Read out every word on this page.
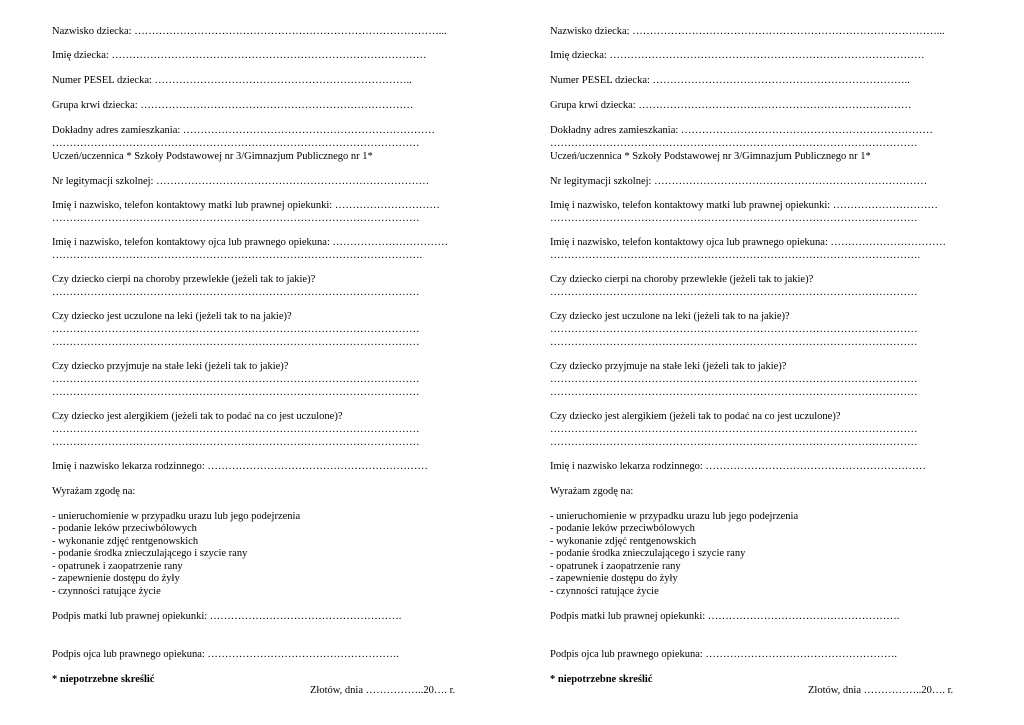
Nazwisko dziecka: ……………………………………………………………………………...

Imię dziecka: ………………………………………………………………………………

Numer PESEL dziecka: ………………………………………………………………..

Grupa krwi dziecka: ……………………………………………………………………

Dokładny adres zamieszkania: ………………………………………………………………

……………………………………………………………………………………………

Uczeń/uczennica * Szkoły Podstawowej nr 3/Gimnazjum Publicznego nr 1*

Nr legitymacji szkolnej: ……………………………………………………………………

Imię i nazwisko, telefon kontaktowy matki lub prawnej opiekunki: …………………………

……………………………………………………………………………………………

Imię i nazwisko, telefon kontaktowy ojca lub prawnego opiekuna: ……………………………

…………………………………………………………………………………………….

Czy dziecko cierpi na choroby przewlekłe (jeżeli tak to jakie)?

……………………………………………………………………………………………

Czy dziecko jest uczulone na leki (jeżeli tak to na jakie)?

……………………………………………………………………………………………

……………………………………………………………………………………………

Czy dziecko przyjmuje na stałe leki (jeżeli tak to jakie)?

……………………………………………………………………………………………

……………………………………………………………………………………………

Czy dziecko jest alergikiem (jeżeli tak to podać na co jest uczulone)?

……………………………………………………………………………………………

……………………………………………………………………………………………

Imię i nazwisko lekarza rodzinnego: ………………………………………………………

Wyrażam zgodę na:

- unieruchomienie w przypadku urazu lub jego podejrzenia

- podanie leków przeciwbólowych

- wykonanie zdjęć rentgenowskich

- podanie środka znieczulającego i szycie rany

- opatrunek i zaopatrzenie rany

- zapewnienie dostępu do żyły

- czynności ratujące życie

Podpis matki lub prawnej opiekunki: ……………………………………………….

Podpis ojca lub prawnego opiekuna: ……………………………………………….

* niepotrzebne skreślić

Złotów, dnia ……………..20…. r.

Nazwisko dziecka: ……………………………………………………………………………...

Imię dziecka: ………………………………………………………………………………

Numer PESEL dziecka: ………………………………………………………………..

Grupa krwi dziecka: ……………………………………………………………………

Dokładny adres zamieszkania: ………………………………………………………………

……………………………………………………………………………………………

Uczeń/uczennica * Szkoły Podstawowej nr 3/Gimnazjum Publicznego nr 1*

Nr legitymacji szkolnej: ……………………………………………………………………

Imię i nazwisko, telefon kontaktowy matki lub prawnej opiekunki: …………………………

……………………………………………………………………………………………

Imię i nazwisko, telefon kontaktowy ojca lub prawnego opiekuna: ……………………………

…………………………………………………………………………………………….

Czy dziecko cierpi na choroby przewlekłe (jeżeli tak to jakie)?

……………………………………………………………………………………………

Czy dziecko jest uczulone na leki (jeżeli tak to na jakie)?

……………………………………………………………………………………………

……………………………………………………………………………………………

Czy dziecko przyjmuje na stałe leki (jeżeli tak to jakie)?

……………………………………………………………………………………………

……………………………………………………………………………………………

Czy dziecko jest alergikiem (jeżeli tak to podać na co jest uczulone)?

……………………………………………………………………………………………

……………………………………………………………………………………………

Imię i nazwisko lekarza rodzinnego: ………………………………………………………

Wyrażam zgodę na:

- unieruchomienie w przypadku urazu lub jego podejrzenia

- podanie leków przeciwbólowych

- wykonanie zdjęć rentgenowskich

- podanie środka znieczulającego i szycie rany

- opatrunek i zaopatrzenie rany

- zapewnienie dostępu do żyły

- czynności ratujące życie

Podpis matki lub prawnej opiekunki: ……………………………………………….

Podpis ojca lub prawnego opiekuna: ……………………………………………….

* niepotrzebne skreślić

Złotów, dnia ……………..20…. r.
